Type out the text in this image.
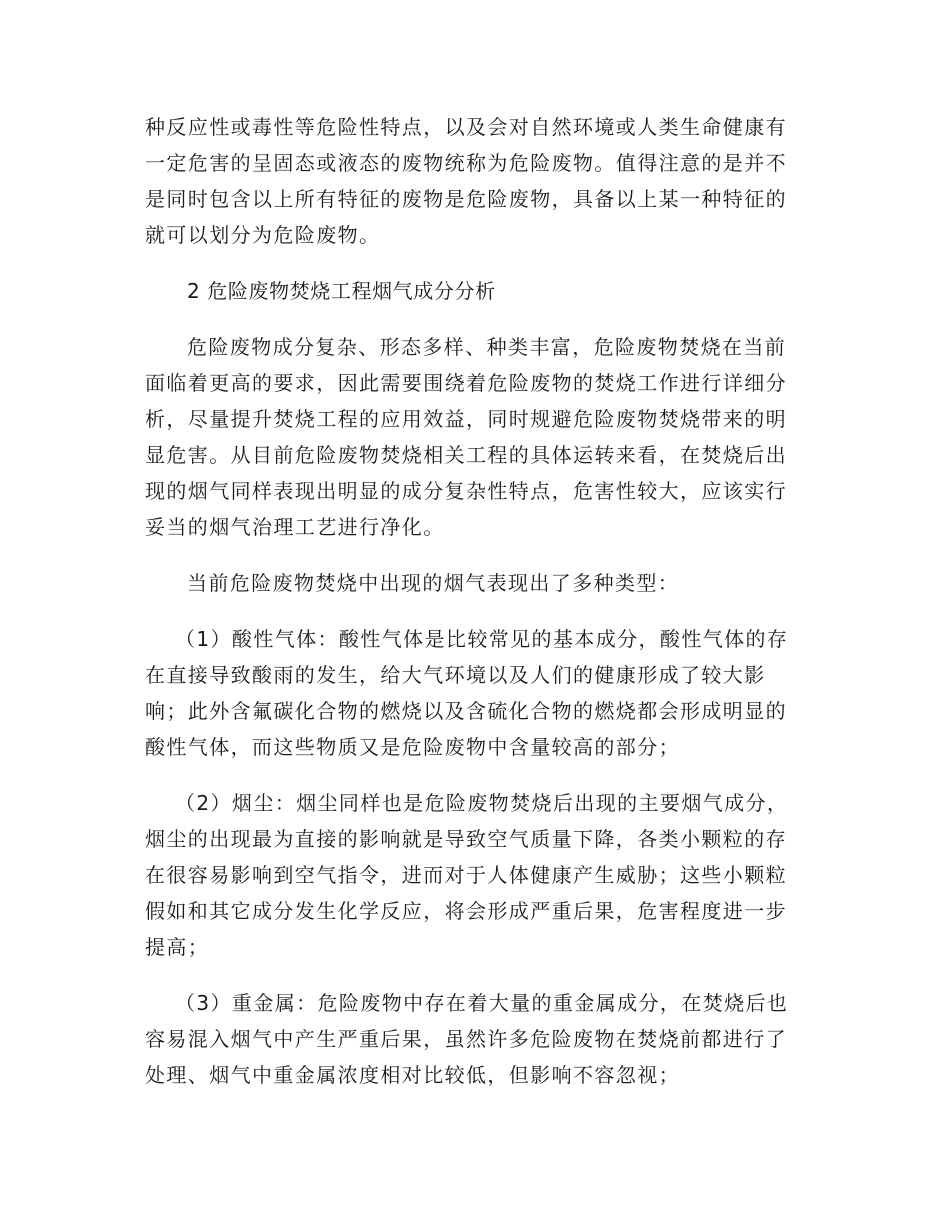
种反应性或毒性等危险性特点，以及会对自然环境或人类生命健康有
一定危害的呈固态或液态的废物统称为危险废物。值得注意的是并不
是同时包含以上所有特征的废物是危险废物，具备以上某一种特征的
就可以划分为危险废物。
2 危险废物焚烧工程烟气成分分析
危险废物成分复杂、形态多样、种类丰富，危险废物焚烧在当前
面临着更高的要求，因此需要围绕着危险废物的焚烧工作进行详细分
析，尽量提升焚烧工程的应用效益，同时规避危险废物焚烧带来的明
显危害。从目前危险废物焚烧相关工程的具体运转来看，在焚烧后出
现的烟气同样表现出明显的成分复杂性特点，危害性较大，应该实行
妥当的烟气治理工艺进行净化。
当前危险废物焚烧中出现的烟气表现出了多种类型：
（1）酸性气体：酸性气体是比较常见的基本成分，酸性气体的存
在直接导致酸雨的发生，给大气环境以及人们的健康形成了较大影
响；此外含氟碳化合物的燃烧以及含硫化合物的燃烧都会形成明显的
酸性气体，而这些物质又是危险废物中含量较高的部分；
（2）烟尘：烟尘同样也是危险废物焚烧后出现的主要烟气成分，
烟尘的出现最为直接的影响就是导致空气质量下降，各类小颗粒的存
在很容易影响到空气指令，进而对于人体健康产生威胁；这些小颗粒
假如和其它成分发生化学反应，将会形成严重后果，危害程度进一步
提高；
（3）重金属：危险废物中存在着大量的重金属成分，在焚烧后也
容易混入烟气中产生严重后果，虽然许多危险废物在焚烧前都进行了
处理、烟气中重金属浓度相对比较低，但影响不容忽视；
